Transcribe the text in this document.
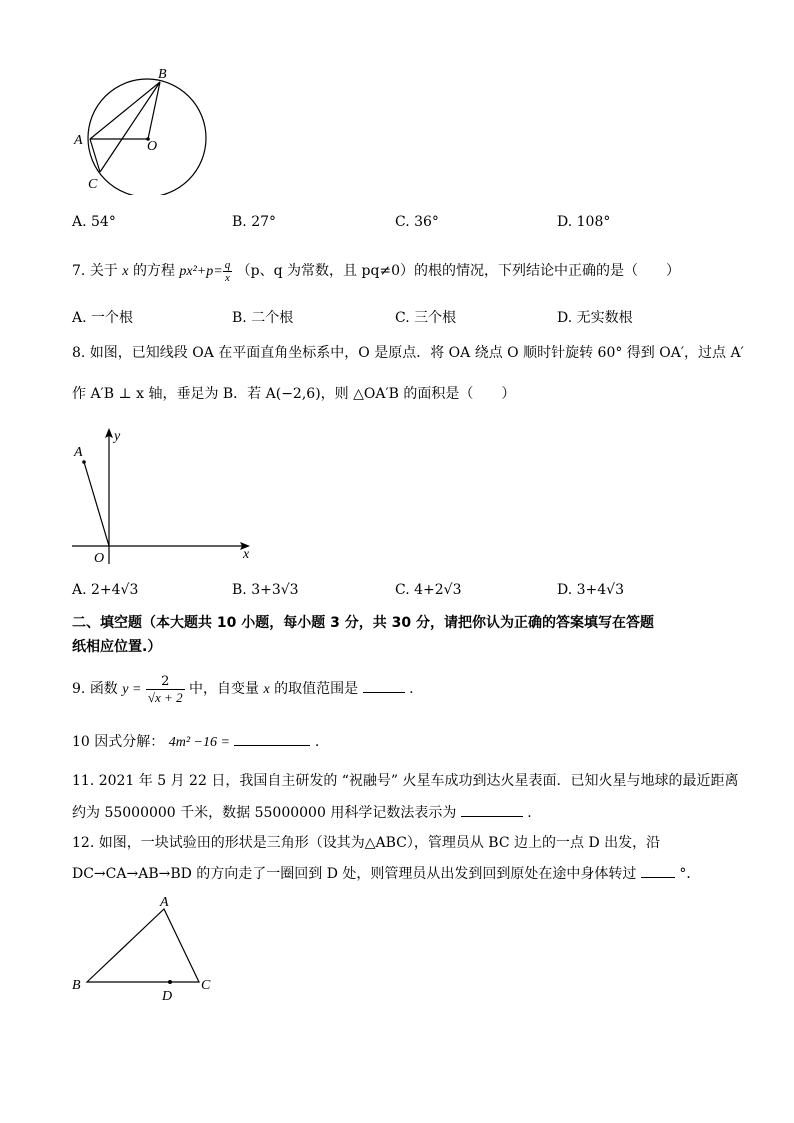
B
A	O
C
A. 54°	B. 27°	C. 36°	D. 108°
7. 关于 x 的方程 $px^2+p= \frac{q}{x} (p$、q 为常数，且 pq≠0）的根的情况，下列结论中正确的是（　　）
A. 一个根	B. 二个根	C. 三个根	D. 无实数根
8. 如图，已知线段 OA 在平面直角坐标系中，O 是原点．将 OA 绕点 O 顺时针旋转 60° 得到 OA′，过点 A′
作 A′B ⊥ x 轴，垂足为 B．若 A(−2,6)，则 △OA′B 的面积是（　　）
A
y
O	x
A. 2+4√3	B. 3+3√3	C. 4+2√3	D. 3+4√3
二、填空题（本大题共 10 小题，每小题 3 分，共 30 分，请把你认为正确的答案填写在答题
纸相应位置.）
9. 函数 $y = \frac{2}{√x + 2}$ 中，自变量 x 的取值范围是	.
10 因式分解： 4m² −16 =	.
11. 2021 年 5 月 22 日，我国自主研发的 “祝融号” 火星车成功到达火星表面．已知火星与地球的最近距离
约为 55000000 千米，数据 55000000 用科学记数法表示为	.
12. 如图，一块试验田的形状是三角形（设其为△ABC），管理员从 BC 边上的一点 D 出发，沿
DC→CA→AB→BD 的方向走了一圈回到 D 处，则管理员从出发到回到原处在途中身体转过	°．
A
B	C
D
